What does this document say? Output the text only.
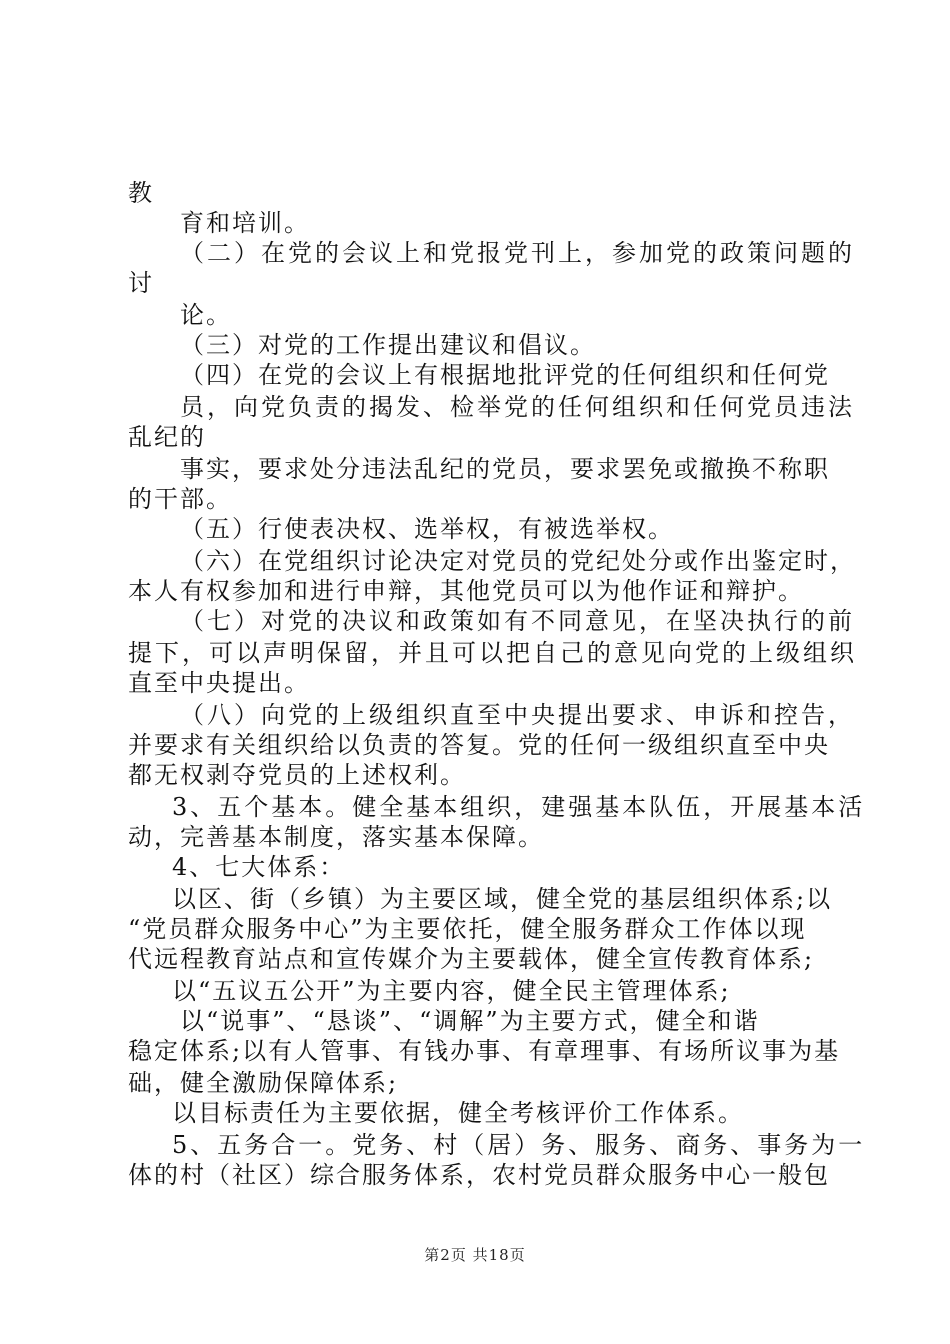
教
育和培训。
（二）在党的会议上和党报党刊上，参加党的政策问题的
讨
论。
（三）对党的工作提出建议和倡议。
（四）在党的会议上有根据地批评党的任何组织和任何党
员，向党负责的揭发、检举党的任何组织和任何党员违法
乱纪的
事实，要求处分违法乱纪的党员，要求罢免或撤换不称职
的干部。
（五）行使表决权、选举权，有被选举权。
（六）在党组织讨论决定对党员的党纪处分或作出鉴定时，
本人有权参加和进行申辩，其他党员可以为他作证和辩护。
（七）对党的决议和政策如有不同意见，在坚决执行的前
提下，可以声明保留，并且可以把自己的意见向党的上级组织
直至中央提出。
（八）向党的上级组织直至中央提出要求、申诉和控告，
并要求有关组织给以负责的答复。党的任何一级组织直至中央
都无权剥夺党员的上述权利。
3、五个基本。健全基本组织，建强基本队伍，开展基本活
动，完善基本制度，落实基本保障。
4、七大体系：
以区、街（乡镇）为主要区域，健全党的基层组织体系;以
“党员群众服务中心”为主要依托，健全服务群众工作体以现
代远程教育站点和宣传媒介为主要载体，健全宣传教育体系;
以“五议五公开”为主要内容，健全民主管理体系;
以“说事”、“恳谈”、“调解”为主要方式，健全和谐
稳定体系;以有人管事、有钱办事、有章理事、有场所议事为基
础，健全激励保障体系;
以目标责任为主要依据，健全考核评价工作体系。
5、五务合一。党务、村（居）务、服务、商务、事务为一
体的村（社区）综合服务体系，农村党员群众服务中心一般包
第2页 共18页
